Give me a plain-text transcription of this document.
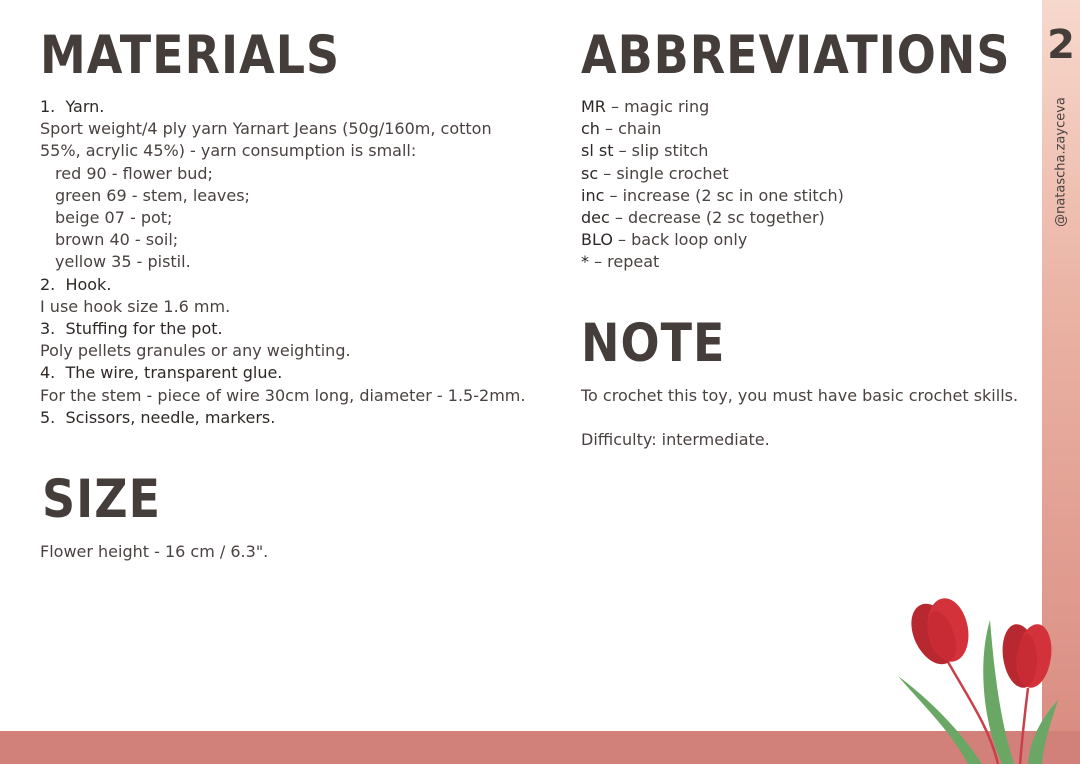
2
@natascha.zayceva
MATERIALS
1. Yarn.
Sport weight/4 ply yarn Yarnart Jeans (50g/160m, cotton
55%, acrylic 45%) - yarn consumption is small:
red 90 - flower bud;
green 69 - stem, leaves;
beige 07 - pot;
brown 40 - soil;
yellow 35 - pistil.
2. Hook.
I use hook size 1.6 mm.
3. Stuffing for the pot.
Poly pellets granules or any weighting.
4. The wire, transparent glue.
For the stem - piece of wire 30cm long, diameter - 1.5-2mm.
5. Scissors, needle, markers.
SIZE
Flower height - 16 cm / 6.3".
ABBREVIATIONS
MR – magic ring
ch – chain
sl st – slip stitch
sc – single crochet
inc – increase (2 sc in one stitch)
dec – decrease (2 sc together)
BLO – back loop only
* – repeat
NOTE
To crochet this toy, you must have basic crochet skills.
Difficulty: intermediate.
